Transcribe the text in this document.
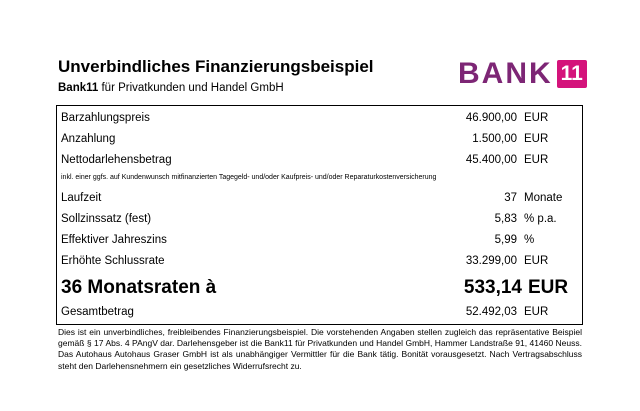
Unverbindliches Finanzierungsbeispiel
Bank11 für Privatkunden und Handel GmbH	BANK 11
Barzahlungspreis	46.900,00 EUR
Anzahlung	1.500,00 EUR
Nettodarlehensbetrag	45.400,00 EUR
inkl. einer ggfs. auf Kundenwunsch mitfinanzierten Tagegeld- und/oder Kaufpreis- und/oder Reparaturkostenversicherung
Laufzeit	37 Monate
Sollzinssatz (fest)	5,83 % p.a.
Effektiver Jahreszins	5,99 %
Erhöhte Schlussrate	33.299,00 EUR
36 Monatsraten à	533,14 EUR
Gesamtbetrag	52.492,03 EUR
Dies ist ein unverbindliches, freibleibendes Finanzierungsbeispiel. Die vorstehenden Angaben stellen zugleich das repräsentative Beispiel gemäß § 17 Abs. 4 PAngV dar. Darlehensgeber ist die Bank11 für Privatkunden und Handel GmbH, Hammer Landstraße 91, 41460 Neuss. Das Autohaus Autohaus Graser GmbH ist als unabhängiger Vermittler für die Bank tätig. Bonität vorausgesetzt. Nach Vertragsabschluss steht den Darlehensnehmern ein gesetzliches Widerrufsrecht zu.
